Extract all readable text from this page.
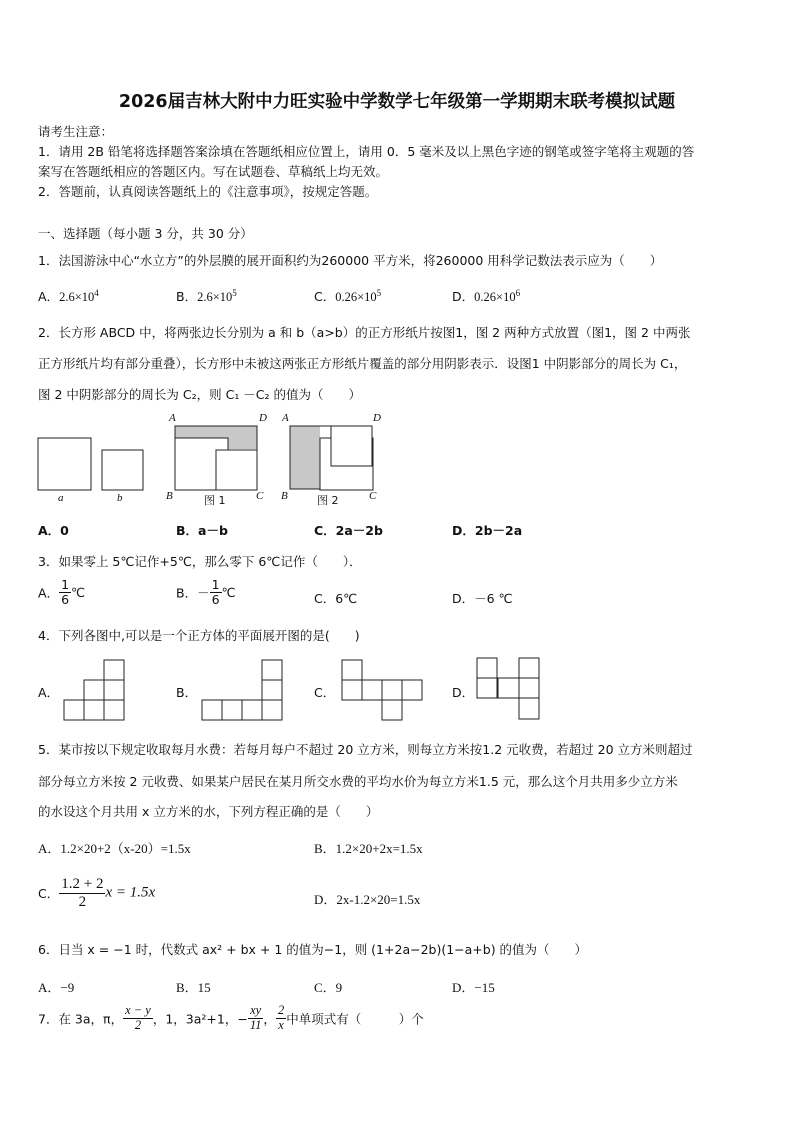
2026届吉林大附中力旺实验中学数学七年级第一学期期末联考模拟试题
请考生注意：
1．请用 2B 铅笔将选择题答案涂填在答题纸相应位置上，请用 0．5 毫米及以上黑色字迹的钢笔或签字笔将主观题的答
案写在答题纸相应的答题区内。写在试题卷、草稿纸上均无效。
2．答题前，认真阅读答题纸上的《注意事项》，按规定答题。
一、选择题（每小题 3 分，共 30 分）
1．法国游泳中心“水立方”的外层膜的展开面积约为260000 平方米，将260000 用科学记数法表示应为（　　）
A．$2.6\times 10^4$	B．$2.6\times 10^5$	C．$0.26\times 10^5$	D．$0.26\times 10^6$
2．长方形 ABCD 中，将两张边长分别为 a 和 b（a>b）的正方形纸片按图1，图 2 两种方式放置（图1，图 2 中两张
正方形纸片均有部分重叠），长方形中未被这两张正方形纸片覆盖的部分用阴影表示．设图1 中阴影部分的周长为 C₁，
图 2 中阴影部分的周长为 C₂，则 C₁ －C₂ 的值为（　　）
a	b	图 1	图 2
A	D
B	C
A	D
B	C
A．0	B．a－b	C．2a－2b	D．2b－2a
3．如果零上 5℃记作+5℃，那么零下 6℃记作（　　）．
A． $\frac{1}{6}$ ℃	B．－ $\frac{1}{6}$ ℃	C．6℃	D．－6 ℃
4．下列各图中,可以是一个正方体的平面展开图的是(　　)
A．	B．	C．	D．
5．某市按以下规定收取每月水费：若每月每户不超过 20 立方米，则每立方米按1.2 元收费，若超过 20 立方米则超过
部分每立方米按 2 元收费、如果某户居民在某月所交水费的平均水价为每立方米1.5 元，那么这个月共用多少立方米
的水设这个月共用 x 立方米的水，下列方程正确的是（　　）
A．1.2×20+2（x-20）=1.5x	B．1.2×20+2x=1.5x
C． $\frac{1.2 + 2}{2}$ x = 1.5x	D．2x-1.2×20=1.5x
6．日当 x = −1 时，代数式 ax² + bx + 1 的值为−1，则 (1+2a−2b)(1−a+b) 的值为（　　）
A．−9	B．15	C．9	D．−15
7．在 3a，π， $\frac{x - y}{2}$ ，1，3a²+1，− $\frac{xy}{11}$ ， $\frac{2}{x}$ 中单项式有（　　　）个
